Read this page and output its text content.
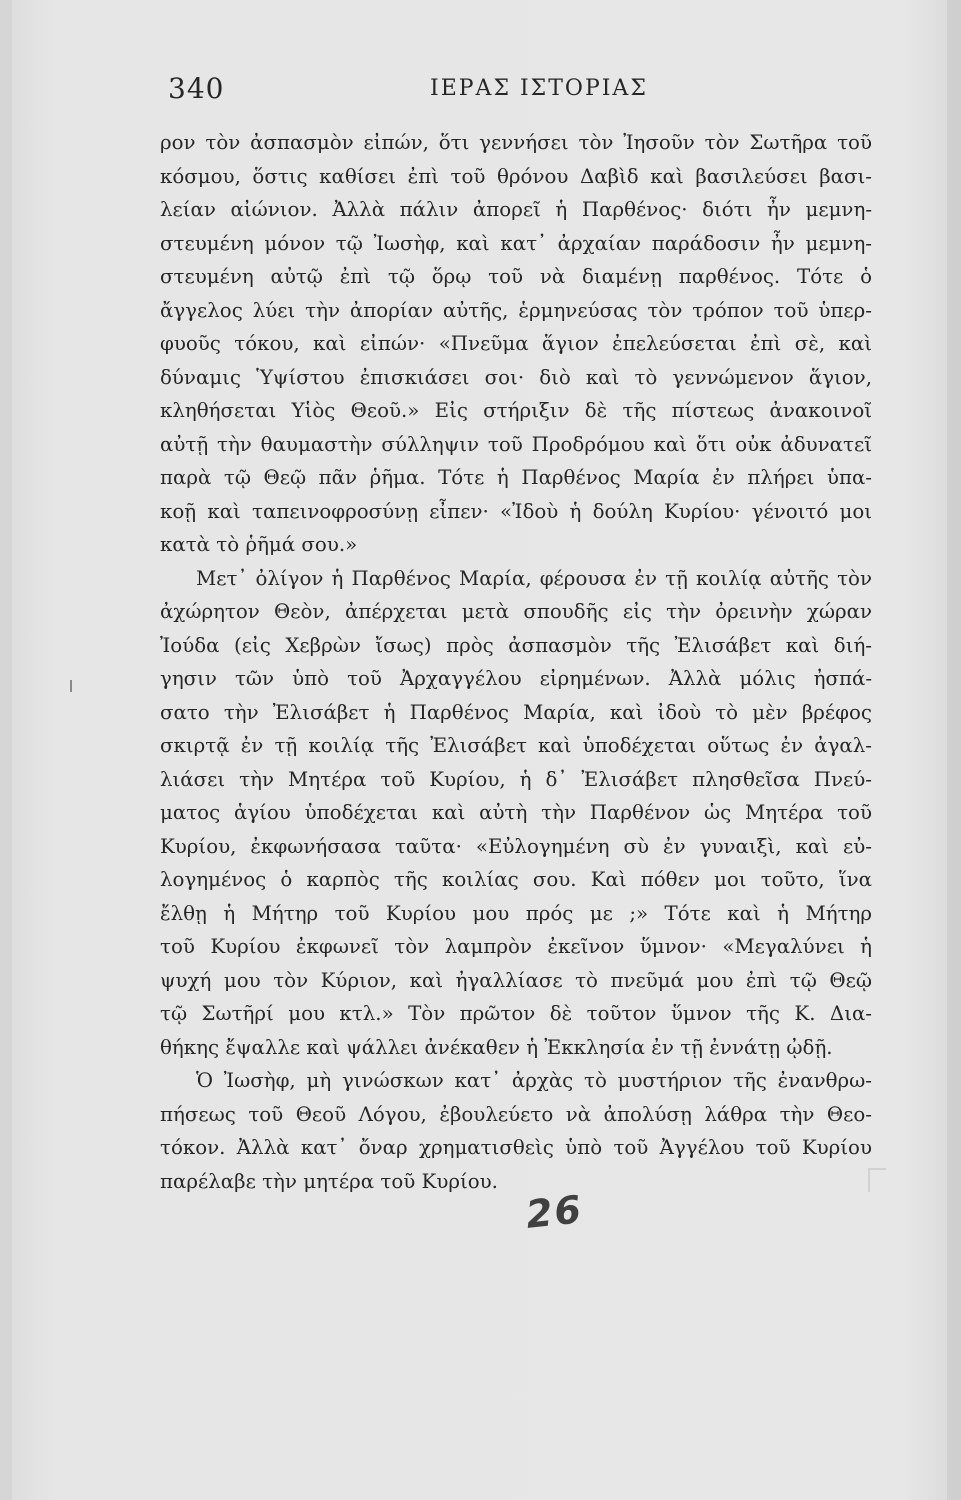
340	ΙΕΡΑΣ ΙΣΤΟΡΙΑΣ
ρον τὸν ἀσπασμὸν εἰπών, ὅτι γεννήσει τὸν Ἰησοῦν τὸν Σωτῆρα τοῦ
κόσμου, ὅστις καθίσει ἐπὶ τοῦ θρόνου Δαβὶδ καὶ βασιλεύσει βασι-
λείαν αἰώνιον. Ἀλλὰ πάλιν ἀπορεῖ ἡ Παρθένος· διότι ἦν μεμνη-
στευμένη μόνον τῷ Ἰωσὴφ, καὶ κατ᾽ ἀρχαίαν παράδοσιν ἦν μεμνη-
στευμένη αὐτῷ ἐπὶ τῷ ὅρῳ τοῦ νὰ διαμένῃ παρθένος. Τότε ὁ
ἄγγελος λύει τὴν ἀπορίαν αὐτῆς, ἑρμηνεύσας τὸν τρόπον τοῦ ὑπερ-
φυοῦς τόκου, καὶ εἰπών· «Πνεῦμα ἅγιον ἐπελεύσεται ἐπὶ σὲ, καὶ
δύναμις Ὑψίστου ἐπισκιάσει σοι· διὸ καὶ τὸ γεννώμενον ἅγιον,
κληθήσεται Υἱὸς Θεοῦ.» Εἰς στήριξιν δὲ τῆς πίστεως ἀνακοινοῖ
αὐτῇ τὴν θαυμαστὴν σύλληψιν τοῦ Προδρόμου καὶ ὅτι οὐκ ἀδυνατεῖ
παρὰ τῷ Θεῷ πᾶν ῥῆμα. Τότε ἡ Παρθένος Μαρία ἐν πλήρει ὑπα-
κοῇ καὶ ταπεινοφροσύνῃ εἶπεν· «Ἰδοὺ ἡ δούλη Κυρίου· γένοιτό μοι
κατὰ τὸ ῥῆμά σου.»
Μετ᾽ ὀλίγον ἡ Παρθένος Μαρία, φέρουσα ἐν τῇ κοιλίᾳ αὐτῆς τὸν
ἀχώρητον Θεὸν, ἀπέρχεται μετὰ σπουδῆς εἰς τὴν ὀρεινὴν χώραν
Ἰούδα (εἰς Χεβρὼν ἴσως) πρὸς ἀσπασμὸν τῆς Ἐλισάβετ καὶ διή-
γησιν τῶν ὑπὸ τοῦ Ἀρχαγγέλου εἰρημένων. Ἀλλὰ μόλις ἠσπά-
σατο τὴν Ἐλισάβετ ἡ Παρθένος Μαρία, καὶ ἰδοὺ τὸ μὲν βρέφος
σκιρτᾷ ἐν τῇ κοιλίᾳ τῆς Ἐλισάβετ καὶ ὑποδέχεται οὕτως ἐν ἀγαλ-
λιάσει τὴν Μητέρα τοῦ Κυρίου, ἡ δ᾽ Ἐλισάβετ πλησθεῖσα Πνεύ-
ματος ἁγίου ὑποδέχεται καὶ αὐτὴ τὴν Παρθένον ὡς Μητέρα τοῦ
Κυρίου, ἐκφωνήσασα ταῦτα· «Εὐλογημένη σὺ ἐν γυναιξὶ, καὶ εὐ-
λογημένος ὁ καρπὸς τῆς κοιλίας σου. Καὶ πόθεν μοι τοῦτο, ἵνα
ἔλθῃ ἡ Μήτηρ τοῦ Κυρίου μου πρός με ;» Τότε καὶ ἡ Μήτηρ
τοῦ Κυρίου ἐκφωνεῖ τὸν λαμπρὸν ἐκεῖνον ὕμνον· «Μεγαλύνει ἡ
ψυχή μου τὸν Κύριον, καὶ ἠγαλλίασε τὸ πνεῦμά μου ἐπὶ τῷ Θεῷ
τῷ Σωτῆρί μου κτλ.» Τὸν πρῶτον δὲ τοῦτον ὕμνον τῆς Κ. Δια-
θήκης ἔψαλλε καὶ ψάλλει ἀνέκαθεν ἡ Ἐκκλησία ἐν τῇ ἐννάτῃ ᾠδῇ.
Ὁ Ἰωσὴφ, μὴ γινώσκων κατ᾽ ἀρχὰς τὸ μυστήριον τῆς ἐνανθρω-
πήσεως τοῦ Θεοῦ Λόγου, ἐβουλεύετο νὰ ἀπολύσῃ λάθρα τὴν Θεο-
τόκον. Ἀλλὰ κατ᾽ ὄναρ χρηματισθεὶς ὑπὸ τοῦ Ἀγγέλου τοῦ Κυρίου
παρέλαβε τὴν μητέρα τοῦ Κυρίου.
26
